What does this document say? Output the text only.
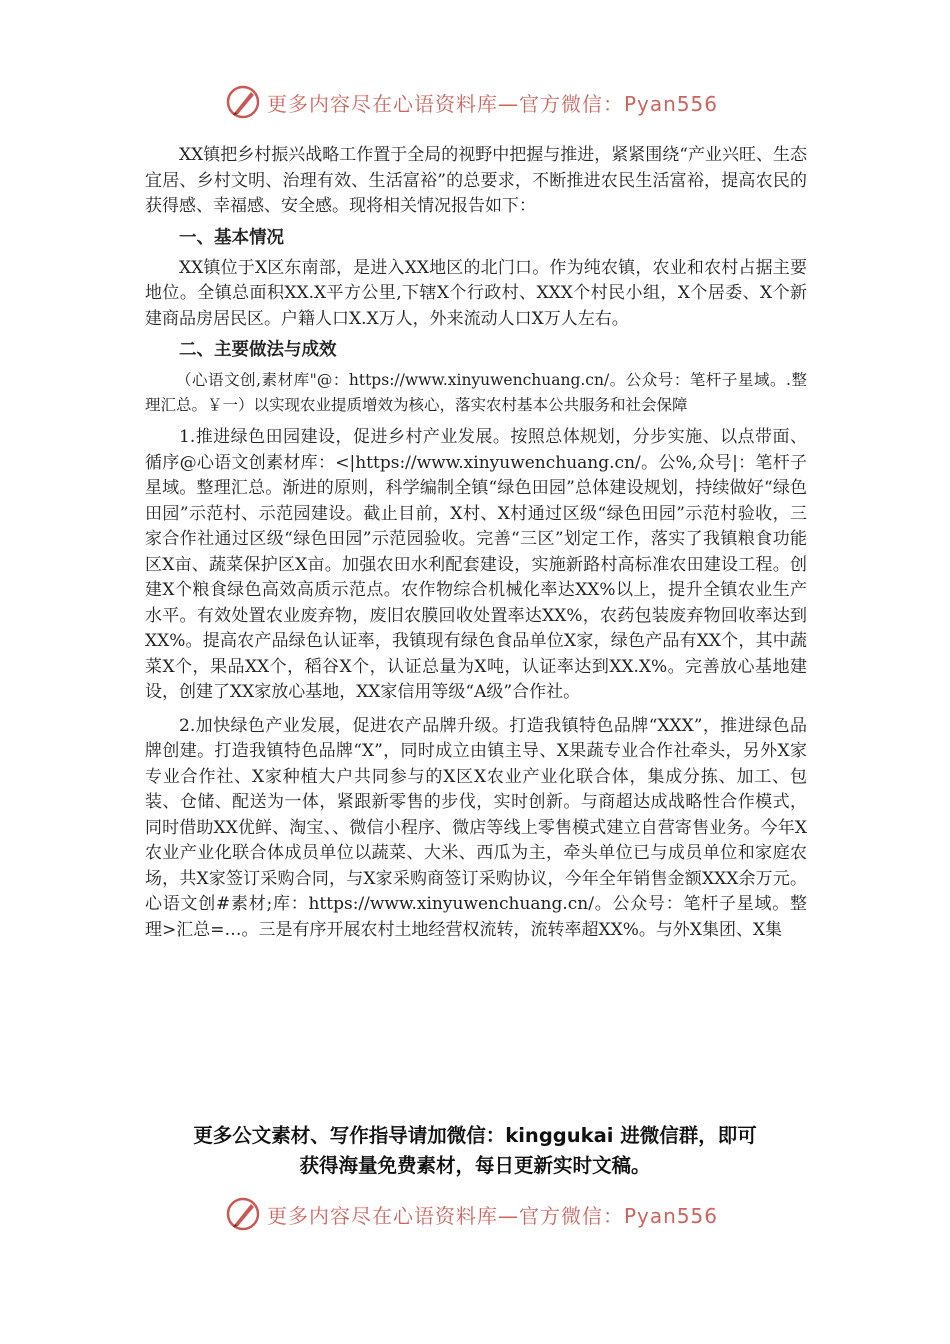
更多内容尽在心语资料库—官方微信：Pyan556

XX镇把乡村振兴战略工作置于全局的视野中把握与推进，紧紧围绕“产业兴旺、生态宜居、乡村文明、治理有效、生活富裕”的总要求，不断推进农民生活富裕，提高农民的获得感、幸福感、安全感。现将相关情况报告如下：

一、基本情况

XX镇位于X区东南部，是进入XX地区的北门口。作为纯农镇，农业和农村占据主要地位。全镇总面积XX.X平方公里,下辖X个行政村、XXX个村民小组，X个居委、X个新建商品房居民区。户籍人口X.X万人，外来流动人口X万人左右。

二、主要做法与成效

（心语文创,素材库"@：https://www.xinyuwenchuang.cn/。公众号：笔杆子星域。.整理汇总。￥一）以实现农业提质增效为核心，落实农村基本公共服务和社会保障

1.推进绿色田园建设，促进乡村产业发展。按照总体规划，分步实施、以点带面、循序@心语文创素材库：<|https://www.xinyuwenchuang.cn/。公%,众号|：笔杆子星域。整理汇总。渐进的原则，科学编制全镇“绿色田园”总体建设规划，持续做好“绿色田园”示范村、示范园建设。截止目前，X村、X村通过区级“绿色田园”示范村验收，三家合作社通过区级“绿色田园”示范园验收。完善“三区”划定工作，落实了我镇粮食功能区X亩、蔬菜保护区X亩。加强农田水利配套建设，实施新路村高标准农田建设工程。创建X个粮食绿色高效高质示范点。农作物综合机械化率达XX%以上，提升全镇农业生产水平。有效处置农业废弃物，废旧农膜回收处置率达XX%，农药包装废弃物回收率达到XX%。提高农产品绿色认证率，我镇现有绿色食品单位X家，绿色产品有XX个，其中蔬菜X个，果品XX个，稻谷X个，认证总量为X吨，认证率达到XX.X%。完善放心基地建设，创建了XX家放心基地，XX家信用等级“A级”合作社。

2.加快绿色产业发展，促进农产品牌升级。打造我镇特色品牌“XXX”，推进绿色品牌创建。打造我镇特色品牌“X”，同时成立由镇主导、X果蔬专业合作社牵头，另外X家专业合作社、X家种植大户共同参与的X区X农业产业化联合体，集成分拣、加工、包装、仓储、配送为一体，紧跟新零售的步伐，实时创新。与商超达成战略性合作模式，同时借助XX优鲜、淘宝、、微信小程序、微店等线上零售模式建立自营寄售业务。今年X农业产业化联合体成员单位以蔬菜、大米、西瓜为主，牵头单位已与成员单位和家庭农场，共X家签订采购合同，与X家采购商签订采购协议，今年全年销售金额XXX余万元。心语文创#素材;库：https://www.xinyuwenchuang.cn/。公众号：笔杆子星域。整理>汇总=…。三是有序开展农村土地经营权流转，流转率超XX%。与外X集团、X集

更多公文素材、写作指导请加微信：kinggukai 进微信群，即可
获得海量免费素材，每日更新实时文稿。
更多内容尽在心语资料库—官方微信：Pyan556
